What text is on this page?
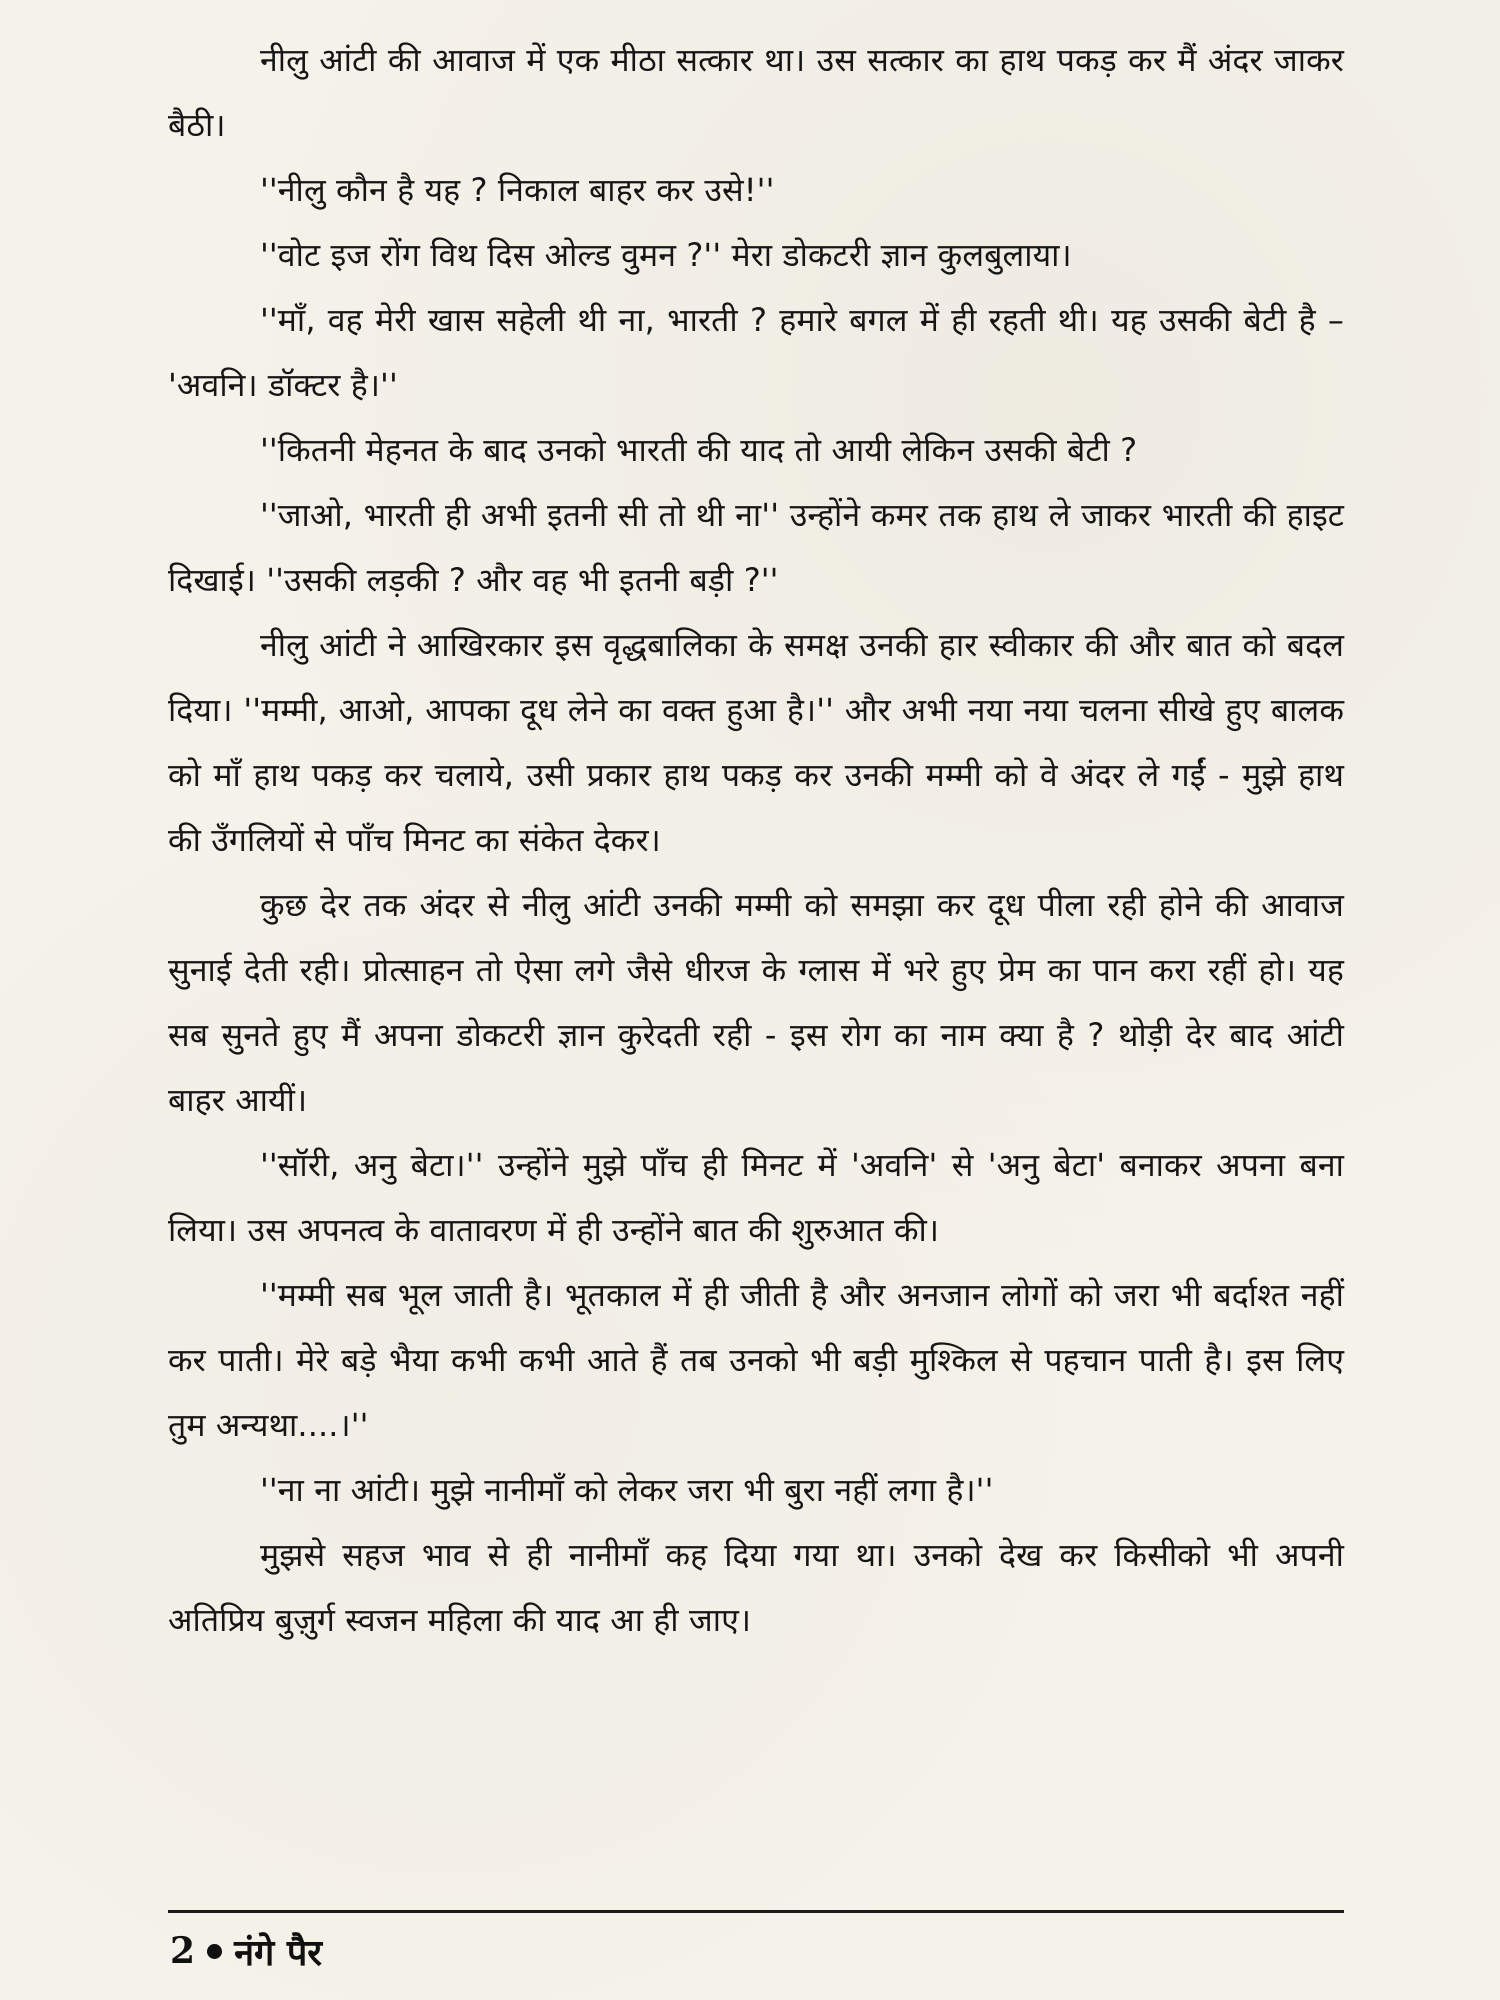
नीलु आंटी की आवाज में एक मीठा सत्कार था। उस सत्कार का हाथ पकड़ कर मैं अंदर जाकर बैठी।

''नीलु कौन है यह ? निकाल बाहर कर उसे!''

''वोट इज रोंग विथ दिस ओल्ड वुमन ?'' मेरा डोकटरी ज्ञान कुलबुलाया।

''माँ, वह मेरी खास सहेली थी ना, भारती ? हमारे बगल में ही रहती थी। यह उसकी बेटी है – 'अवनि। डॉक्टर है।''

''कितनी मेहनत के बाद उनको भारती की याद तो आयी लेकिन उसकी बेटी ?

''जाओ, भारती ही अभी इतनी सी तो थी ना'' उन्होंने कमर तक हाथ ले जाकर भारती की हाइट दिखाई। ''उसकी लड़की ? और वह भी इतनी बड़ी ?''

नीलु आंटी ने आखिरकार इस वृद्धबालिका के समक्ष उनकी हार स्वीकार की और बात को बदल दिया। ''मम्मी, आओ, आपका दूध लेने का वक्त हुआ है।'' और अभी नया नया चलना सीखे हुए बालक को माँ हाथ पकड़ कर चलाये, उसी प्रकार हाथ पकड़ कर उनकी मम्मी को वे अंदर ले गईं - मुझे हाथ की उँगलियों से पाँच मिनट का संकेत देकर।

कुछ देर तक अंदर से नीलु आंटी उनकी मम्मी को समझा कर दूध पीला रही होने की आवाज सुनाई देती रही। प्रोत्साहन तो ऐसा लगे जैसे धीरज के ग्लास में भरे हुए प्रेम का पान करा रहीं हो। यह सब सुनते हुए मैं अपना डोकटरी ज्ञान कुरेदती रही - इस रोग का नाम क्या है ? थोड़ी देर बाद आंटी बाहर आयीं।

''सॉरी, अनु बेटा।'' उन्होंने मुझे पाँच ही मिनट में 'अवनि' से 'अनु बेटा' बनाकर अपना बना लिया। उस अपनत्व के वातावरण में ही उन्होंने बात की शुरुआत की।

''मम्मी सब भूल जाती है। भूतकाल में ही जीती है और अनजान लोगों को जरा भी बर्दाश्त नहीं कर पाती। मेरे बड़े भैया कभी कभी आते हैं तब उनको भी बड़ी मुश्किल से पहचान पाती है। इस लिए तुम अन्यथा....।''

''ना ना आंटी। मुझे नानीमाँ को लेकर जरा भी बुरा नहीं लगा है।''

मुझसे सहज भाव से ही नानीमाँ कह दिया गया था। उनको देख कर किसीको भी अपनी अतिप्रिय बुज़ुर्ग स्वजन महिला की याद आ ही जाए।

2 नंगे पैर
